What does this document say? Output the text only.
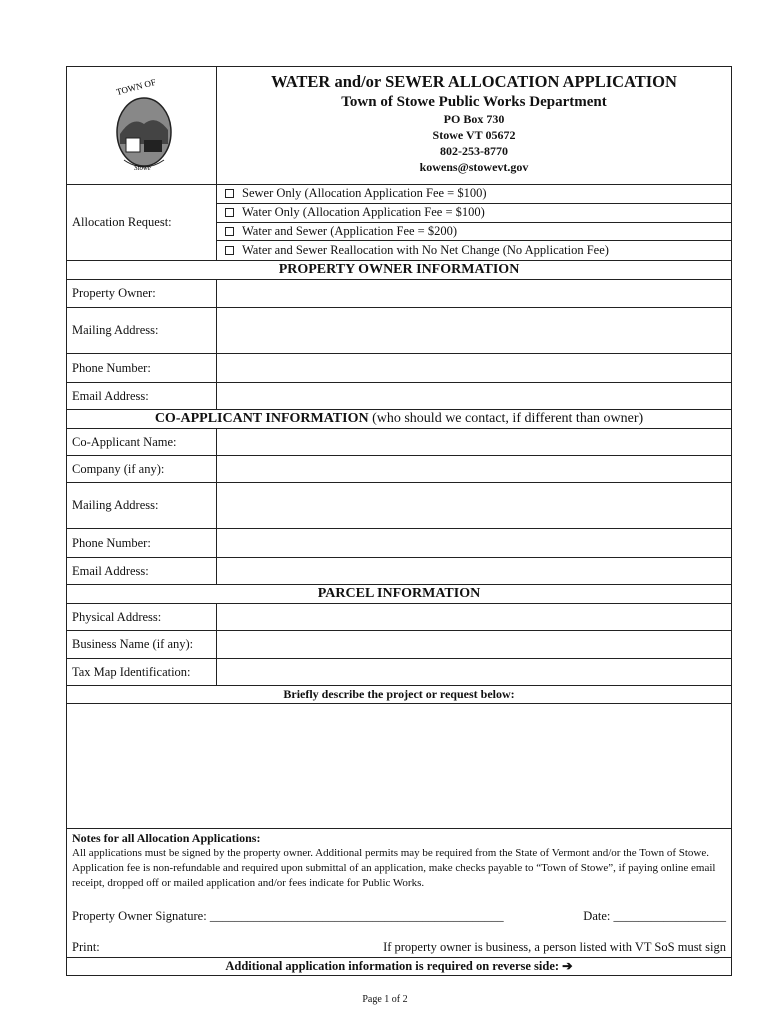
TOWN OF
Stowe
WATER and/or SEWER ALLOCATION APPLICATION
Town of Stowe Public Works Department
PO Box 730
Stowe VT 05672
802-253-8770
kowens@stowevt.gov
Allocation Request:
Sewer Only (Allocation Application Fee = $100)
Water Only (Allocation Application Fee = $100)
Water and Sewer (Application Fee = $200)
Water and Sewer Reallocation with No Net Change (No Application Fee)
PROPERTY OWNER INFORMATION
Property Owner:
Mailing Address:
Phone Number:
Email Address:
CO-APPLICANT INFORMATION (who should we contact, if different than owner)
Co-Applicant Name:
Company (if any):
Mailing Address:
Phone Number:
Email Address:
PARCEL INFORMATION
Physical Address:
Business Name (if any):
Tax Map Identification:
Briefly describe the project or request below:
Notes for all Allocation Applications:
All applications must be signed by the property owner. Additional permits may be required from the State of Vermont and/or the Town of Stowe. Application fee is non-refundable and required upon submittal of an application, make checks payable to “Town of Stowe”, if paying online email receipt, dropped off or mailed application and/or fees indicate for Public Works.
Property Owner Signature: _______________________________________________	Date: __________________
Print:	If property owner is business, a person listed with VT SoS must sign
Additional application information is required on reverse side: ➔
Page 1 of 2
